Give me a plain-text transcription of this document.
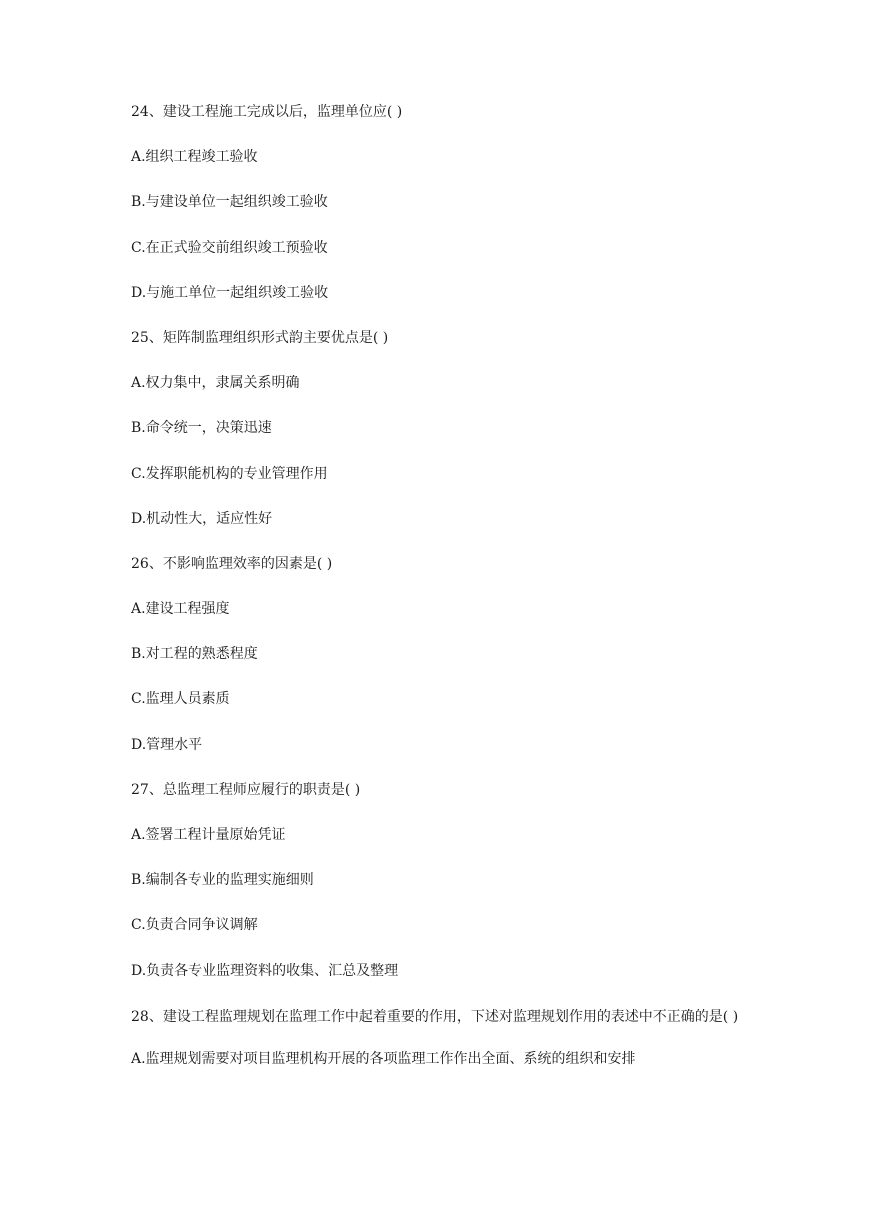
24、建设工程施工完成以后，监理单位应( )
A.组织工程竣工验收
B.与建设单位一起组织竣工验收
C.在正式验交前组织竣工预验收
D.与施工单位一起组织竣工验收
25、矩阵制监理组织形式韵主要优点是( )
A.权力集中，隶属关系明确
B.命令统一，决策迅速
C.发挥职能机构的专业管理作用
D.机动性大，适应性好
26、不影响监理效率的因素是( )
A.建设工程强度
B.对工程的熟悉程度
C.监理人员素质
D.管理水平
27、总监理工程师应履行的职责是( )
A.签署工程计量原始凭证
B.编制各专业的监理实施细则
C.负责合同争议调解
D.负责各专业监理资料的收集、汇总及整理
28、建设工程监理规划在监理工作中起着重要的作用，下述对监理规划作用的表述中不正确的是( )
A.监理规划需要对项目监理机构开展的各项监理工作作出全面、系统的组织和安排
